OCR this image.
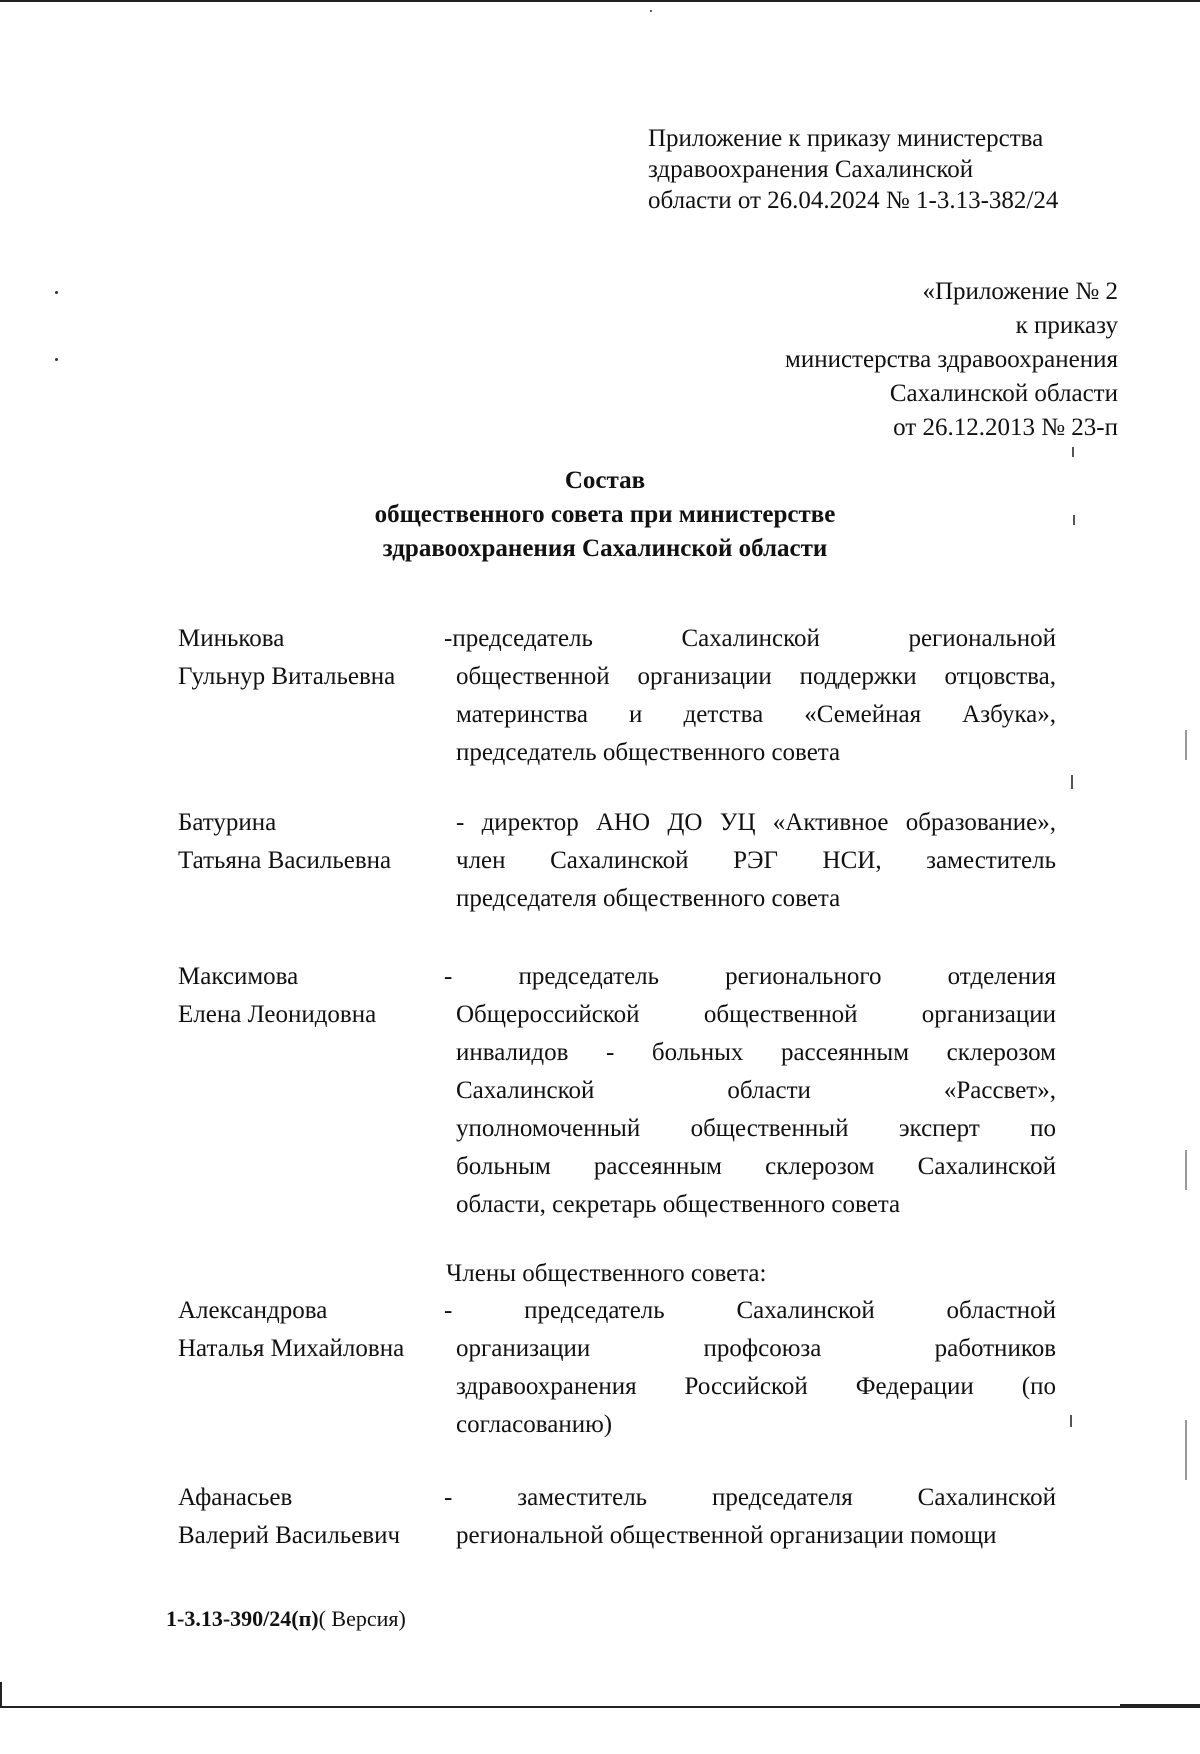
Приложение к приказу министерства
здравоохранения Сахалинской
области от 26.04.2024 № 1-3.13-382/24
«Приложение № 2
к приказу
министерства здравоохранения
Сахалинской области
от 26.12.2013 № 23-п
Состав
общественного совета при министерстве
здравоохранения Сахалинской области
Минькова
Гульнур Витальевна
-председатель Сахалинской региональной
общественной организации поддержки отцовства,
материнства и детства «Семейная Азбука»,
председатель общественного совета
Батурина
Татьяна Васильевна
- директор АНО ДО УЦ «Активное образование»,
член Сахалинской РЭГ НСИ, заместитель
председателя общественного совета
Максимова
Елена Леонидовна
- председатель регионального отделения
Общероссийской общественной организации
инвалидов - больных рассеянным склерозом
Сахалинской области «Рассвет»,
уполномоченный общественный эксперт по
больным рассеянным склерозом Сахалинской
области, секретарь общественного совета
Члены общественного совета:
Александрова
Наталья Михайловна
- председатель Сахалинской областной
организации профсоюза работников
здравоохранения Российской Федерации (по
согласованию)
Афанасьев
Валерий Васильевич
- заместитель председателя Сахалинской
региональной общественной организации помощи
1-3.13-390/24(п)( Версия)
